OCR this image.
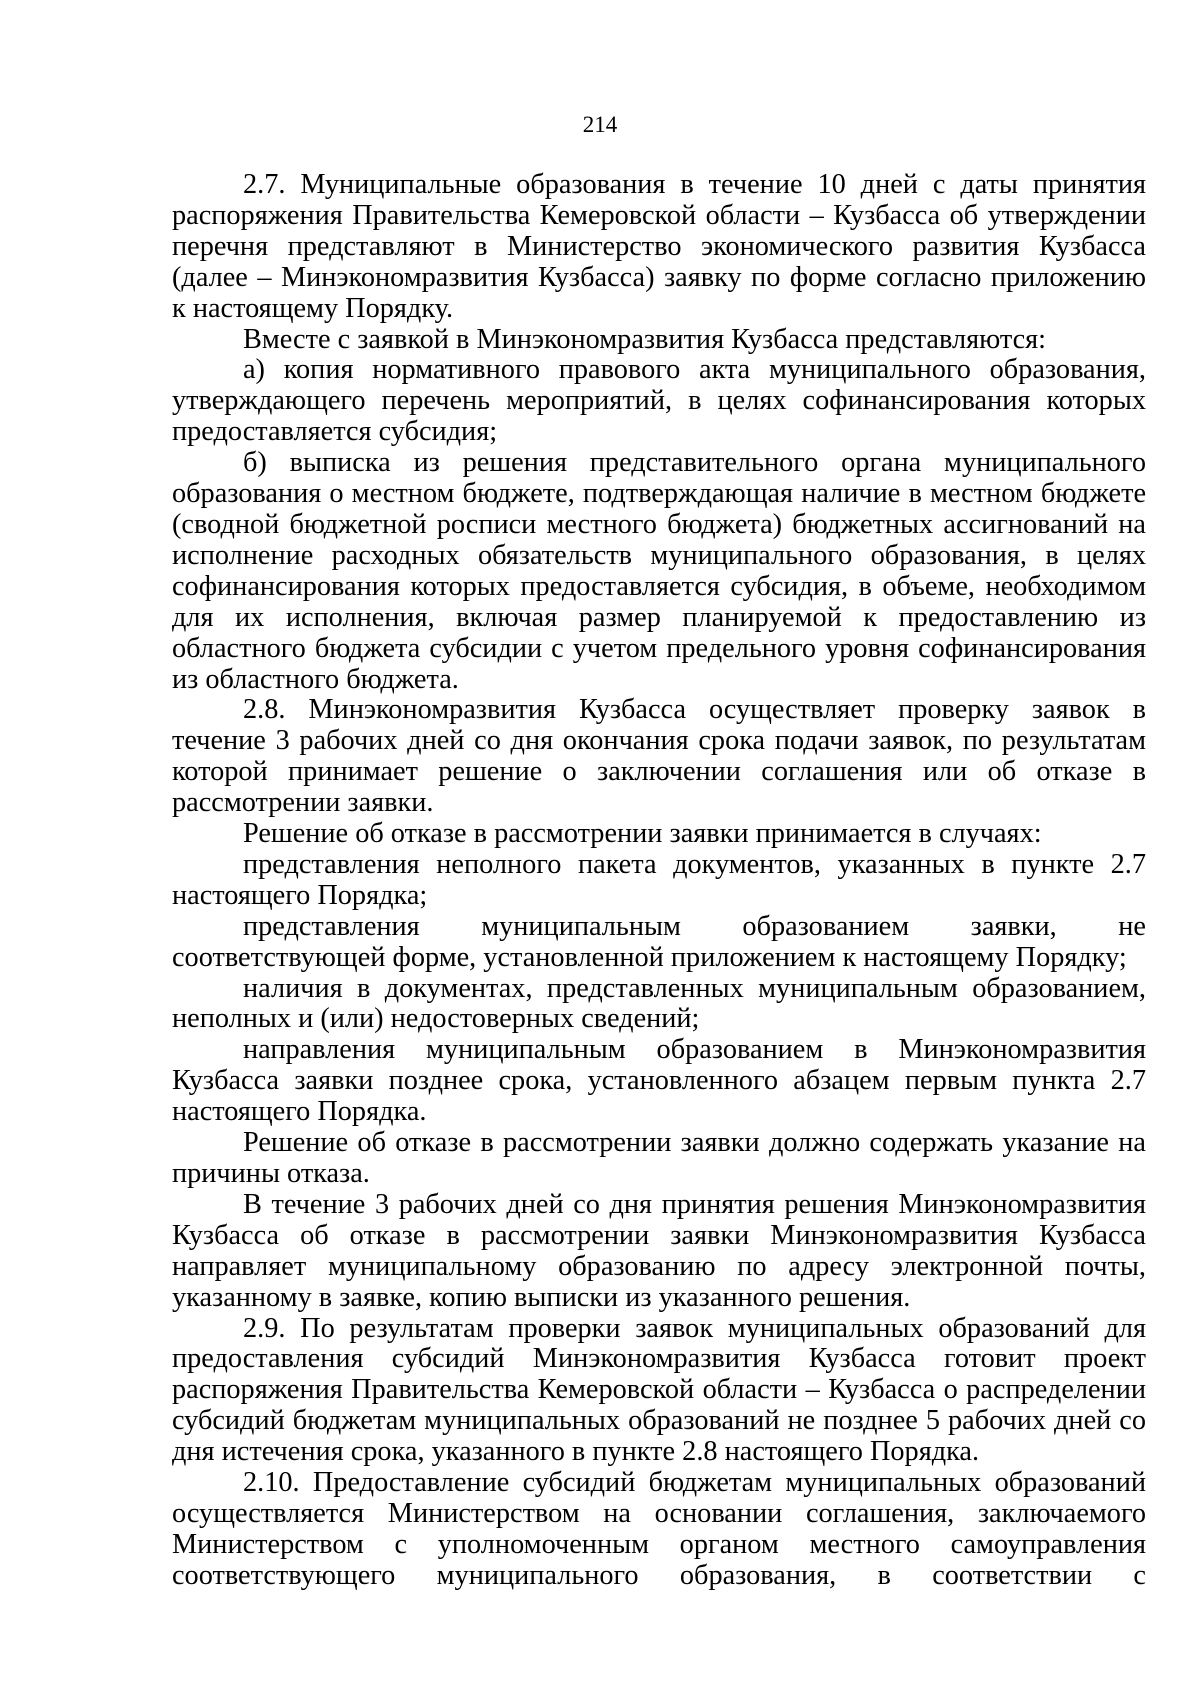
214

2.7. Муниципальные образования в течение 10 дней с даты принятия распоряжения Правительства Кемеровской области – Кузбасса об утверждении перечня представляют в Министерство экономического развития Кузбасса (далее – Минэкономразвития Кузбасса) заявку по форме согласно приложению к настоящему Порядку.

Вместе с заявкой в Минэкономразвития Кузбасса представляются:

а) копия нормативного правового акта муниципального образования, утверждающего перечень мероприятий, в целях софинансирования которых предоставляется субсидия;

б) выписка из решения представительного органа муниципального образования о местном бюджете, подтверждающая наличие в местном бюджете (сводной бюджетной росписи местного бюджета) бюджетных ассигнований на исполнение расходных обязательств муниципального образования, в целях софинансирования которых предоставляется субсидия, в объеме, необходимом для их исполнения, включая размер планируемой к предоставлению из областного бюджета субсидии с учетом предельного уровня софинансирования из областного бюджета.

2.8. Минэкономразвития Кузбасса осуществляет проверку заявок в течение 3 рабочих дней со дня окончания срока подачи заявок, по результатам которой принимает решение о заключении соглашения или об отказе в рассмотрении заявки.

Решение об отказе в рассмотрении заявки принимается в случаях:

представления неполного пакета документов, указанных в пункте 2.7 настоящего Порядка;

представления муниципальным образованием заявки, не соответствующей форме, установленной приложением к настоящему Порядку;

наличия в документах, представленных муниципальным образованием, неполных и (или) недостоверных сведений;

направления муниципальным образованием в Минэкономразвития Кузбасса заявки позднее срока, установленного абзацем первым пункта 2.7 настоящего Порядка.

Решение об отказе в рассмотрении заявки должно содержать указание на причины отказа.

В течение 3 рабочих дней со дня принятия решения Минэкономразвития Кузбасса об отказе в рассмотрении заявки Минэкономразвития Кузбасса направляет муниципальному образованию по адресу электронной почты, указанному в заявке, копию выписки из указанного решения.

2.9. По результатам проверки заявок муниципальных образований для предоставления субсидий Минэкономразвития Кузбасса готовит проект распоряжения Правительства Кемеровской области – Кузбасса о распределении субсидий бюджетам муниципальных образований не позднее 5 рабочих дней со дня истечения срока, указанного в пункте 2.8 настоящего Порядка.

2.10. Предоставление субсидий бюджетам муниципальных образований осуществляется Министерством на основании соглашения, заключаемого Министерством с уполномоченным органом местного самоуправления соответствующего муниципального образования, в соответствии с
